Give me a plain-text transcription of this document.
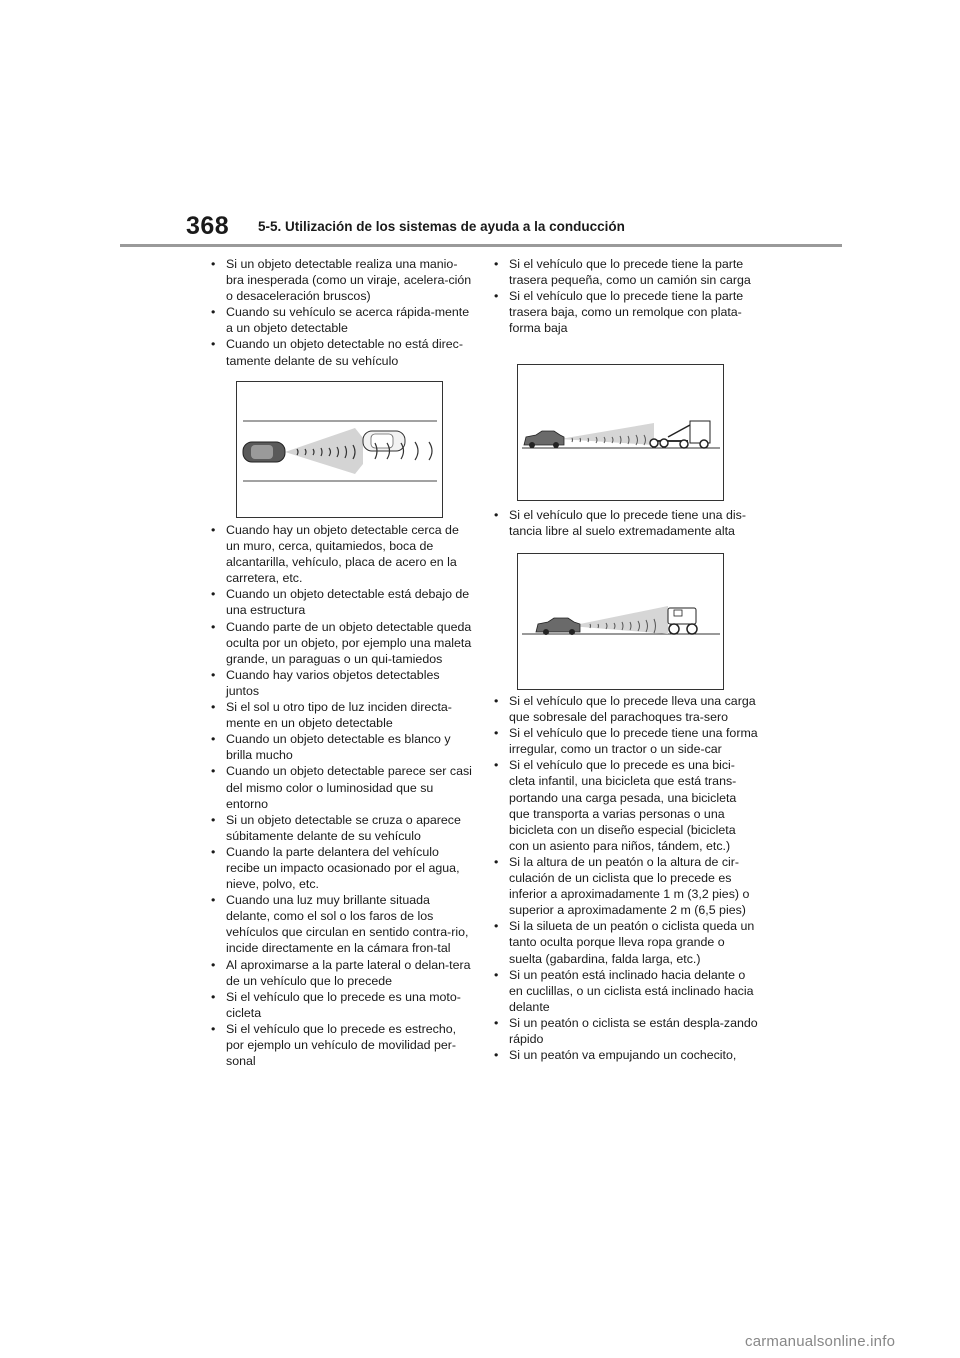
368 5-5. Utilización de los sistemas de ayuda a la conducción
• Si un objeto detectable realiza una manio-bra inesperada (como un viraje, acelera-ción o desaceleración bruscos)
• Cuando su vehículo se acerca rápida-mente a un objeto detectable
• Cuando un objeto detectable no está direc-tamente delante de su vehículo
• Cuando hay un objeto detectable cerca de un muro, cerca, quitamiedos, boca de alcantarilla, vehículo, placa de acero en la carretera, etc.
• Cuando un objeto detectable está debajo de una estructura
• Cuando parte de un objeto detectable queda oculta por un objeto, por ejemplo una maleta grande, un paraguas o un qui-tamiedos
• Cuando hay varios objetos detectables juntos
• Si el sol u otro tipo de luz inciden directa-mente en un objeto detectable
• Cuando un objeto detectable es blanco y brilla mucho
• Cuando un objeto detectable parece ser casi del mismo color o luminosidad que su entorno
• Si un objeto detectable se cruza o aparece súbitamente delante de su vehículo
• Cuando la parte delantera del vehículo recibe un impacto ocasionado por el agua, nieve, polvo, etc.
• Cuando una luz muy brillante situada delante, como el sol o los faros de los vehículos que circulan en sentido contra-rio, incide directamente en la cámara fron-tal
• Al aproximarse a la parte lateral o delan-tera de un vehículo que lo precede
• Si el vehículo que lo precede es una moto-cicleta
• Si el vehículo que lo precede es estrecho, por ejemplo un vehículo de movilidad per-sonal
• Si el vehículo que lo precede tiene la parte trasera pequeña, como un camión sin carga
• Si el vehículo que lo precede tiene la parte trasera baja, como un remolque con plata-forma baja
• Si el vehículo que lo precede tiene una dis-tancia libre al suelo extremadamente alta
• Si el vehículo que lo precede lleva una carga que sobresale del parachoques tra-sero
• Si el vehículo que lo precede tiene una forma irregular, como un tractor o un side-car
• Si el vehículo que lo precede es una bici-cleta infantil, una bicicleta que está trans-portando una carga pesada, una bicicleta que transporta a varias personas o una bicicleta con un diseño especial (bicicleta con un asiento para niños, tándem, etc.)
• Si la altura de un peatón o la altura de cir-culación de un ciclista que lo precede es inferior a aproximadamente 1 m (3,2 pies) o superior a aproximadamente 2 m (6,5 pies)
• Si la silueta de un peatón o ciclista queda un tanto oculta porque lleva ropa grande o suelta (gabardina, falda larga, etc.)
• Si un peatón está inclinado hacia delante o en cuclillas, o un ciclista está inclinado hacia delante
• Si un peatón o ciclista se están despla-zando rápido
• Si un peatón va empujando un cochecito,
carmanualsonline.info
